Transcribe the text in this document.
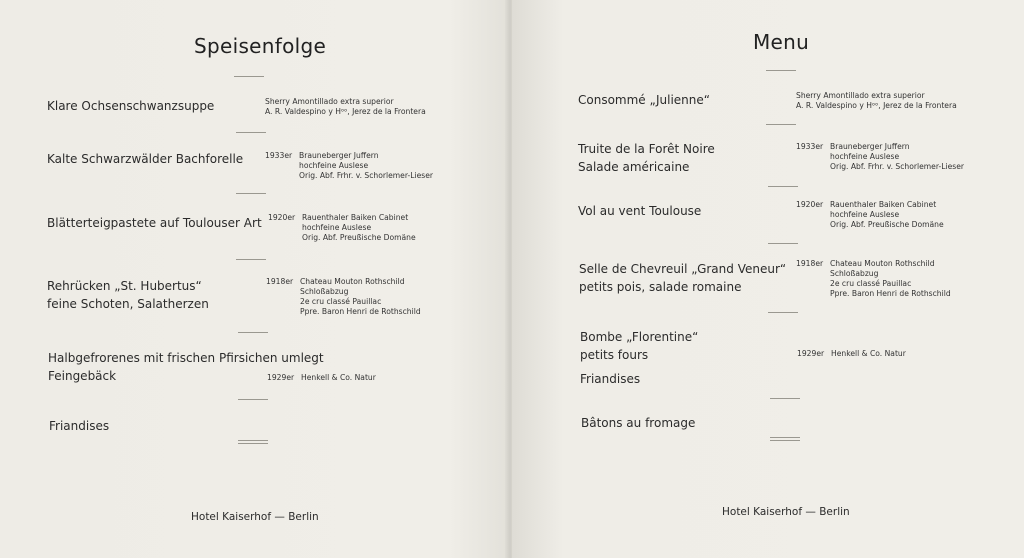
Speisenfolge
Klare Ochsenschwanzsuppe	Sherry Amontillado extra superior
A. R. Valdespino y Hᵒᵒ, Jerez de la Frontera
Kalte Schwarzwälder Bachforelle	1933er Brauneberger Juffern
hochfeine Auslese
Orig. Abf. Frhr. v. Schorlemer-Lieser
Blätterteigpastete auf Toulouser Art 1920er Rauenthaler Baiken Cabinet
hochfeine Auslese
Orig. Abf. Preußische Domäne
Rehrücken „St. Hubertus“
feine Schoten, Salatherzen
1918er Chateau Mouton Rothschild
Schloßabzug
2e cru classé Pauillac
Ppre. Baron Henri de Rothschild
Halbgefrorenes mit frischen Pfirsichen umlegt
Feingebäck	1929er Henkell & Co. Natur
Friandises
Hotel Kaiserhof — Berlin
Menu
Consommé „Julienne“	Sherry Amontillado extra superior
A. R. Valdespino y Hᵒᵒ, Jerez de la Frontera
Truite de la Forêt Noire
Salade américaine
1933er Brauneberger Juffern
hochfeine Auslese
Orig. Abf. Frhr. v. Schorlemer-Lieser
Vol au vent Toulouse	1920er Rauenthaler Baiken Cabinet
hochfeine Auslese
Orig. Abf. Preußische Domäne
Selle de Chevreuil „Grand Veneur“
petits pois, salade romaine
1918er Chateau Mouton Rothschild
Schloßabzug
2e cru classé Pauillac
Ppre. Baron Henri de Rothschild
Bombe „Florentine“
petits fours	1929er Henkell & Co. Natur
Friandises
Bâtons au fromage
Hotel Kaiserhof — Berlin
